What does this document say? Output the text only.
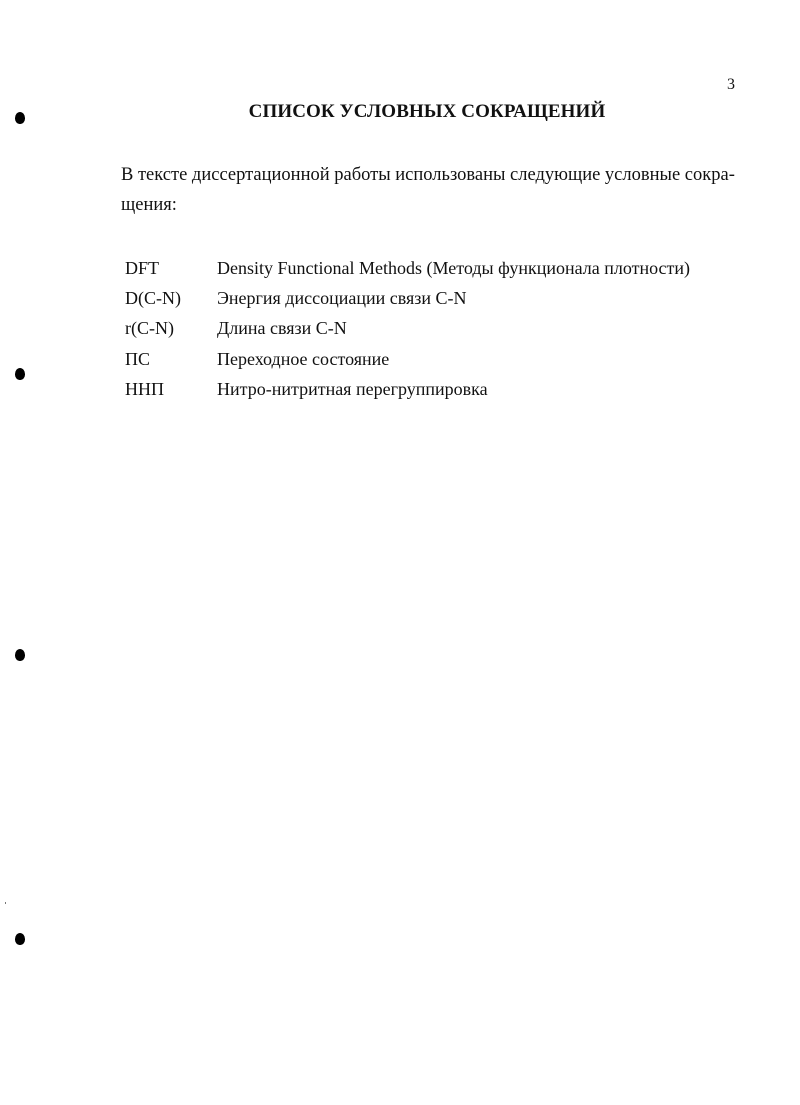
3
СПИСОК УСЛОВНЫХ СОКРАЩЕНИЙ
В тексте диссертационной работы использованы следующие условные сокра-
щения:
DFT	Density Functional Methods (Методы функционала плотности)
D(C-N)	Энергия диссоциации связи C-N
r(C-N)	Длина связи C-N
ПС	Переходное состояние
ННП	Нитро-нитритная перегруппировка
